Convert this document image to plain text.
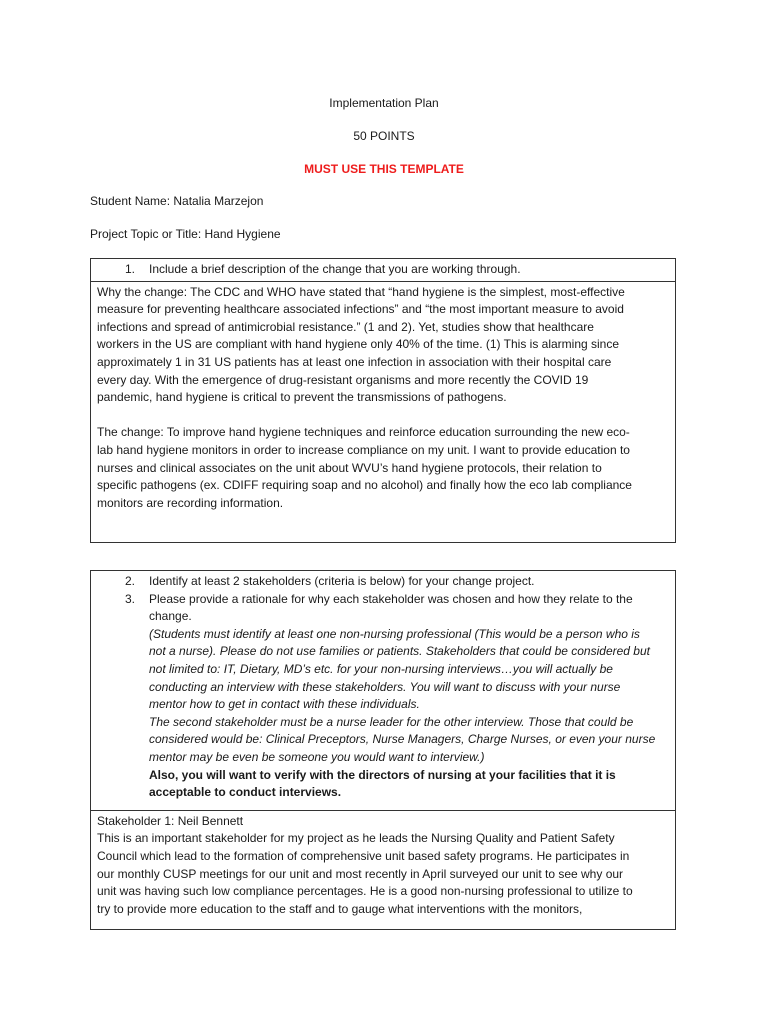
Implementation Plan
50 POINTS
MUST USE THIS TEMPLATE
Student Name: Natalia Marzejon
Project Topic or Title: Hand Hygiene
1. Include a brief description of the change that you are working through.

Why the change: The CDC and WHO have stated that “hand hygiene is the simplest, most-effective

measure for preventing healthcare associated infections” and “the most important measure to avoid

infections and spread of antimicrobial resistance.” (1 and 2). Yet, studies show that healthcare

workers in the US are compliant with hand hygiene only 40% of the time. (1) This is alarming since

approximately 1 in 31 US patients has at least one infection in association with their hospital care

every day. With the emergence of drug-resistant organisms and more recently the COVID 19

pandemic, hand hygiene is critical to prevent the transmissions of pathogens.

The change: To improve hand hygiene techniques and reinforce education surrounding the new eco-

lab hand hygiene monitors in order to increase compliance on my unit. I want to provide education to

nurses and clinical associates on the unit about WVU’s hand hygiene protocols, their relation to

specific pathogens (ex. CDIFF requiring soap and no alcohol) and finally how the eco lab compliance

monitors are recording information.

2. Identify at least 2 stakeholders (criteria is below) for your change project.
3. Please provide a rationale for why each stakeholder was chosen and how they relate to the

change.

(Students must identify at least one non-nursing professional (This would be a person who is

not a nurse). Please do not use families or patients. Stakeholders that could be considered but

not limited to: IT, Dietary, MD’s etc. for your non-nursing interviews…you will actually be

conducting an interview with these stakeholders. You will want to discuss with your nurse

mentor how to get in contact with these individuals.

The second stakeholder must be a nurse leader for the other interview. Those that could be

considered would be: Clinical Preceptors, Nurse Managers, Charge Nurses, or even your nurse

mentor may be even be someone you would want to interview.)

Also, you will want to verify with the directors of nursing at your facilities that it is

acceptable to conduct interviews.

Stakeholder 1: Neil Bennett

This is an important stakeholder for my project as he leads the Nursing Quality and Patient Safety

Council which lead to the formation of comprehensive unit based safety programs. He participates in

our monthly CUSP meetings for our unit and most recently in April surveyed our unit to see why our

unit was having such low compliance percentages. He is a good non-nursing professional to utilize to

try to provide more education to the staff and to gauge what interventions with the monitors,
